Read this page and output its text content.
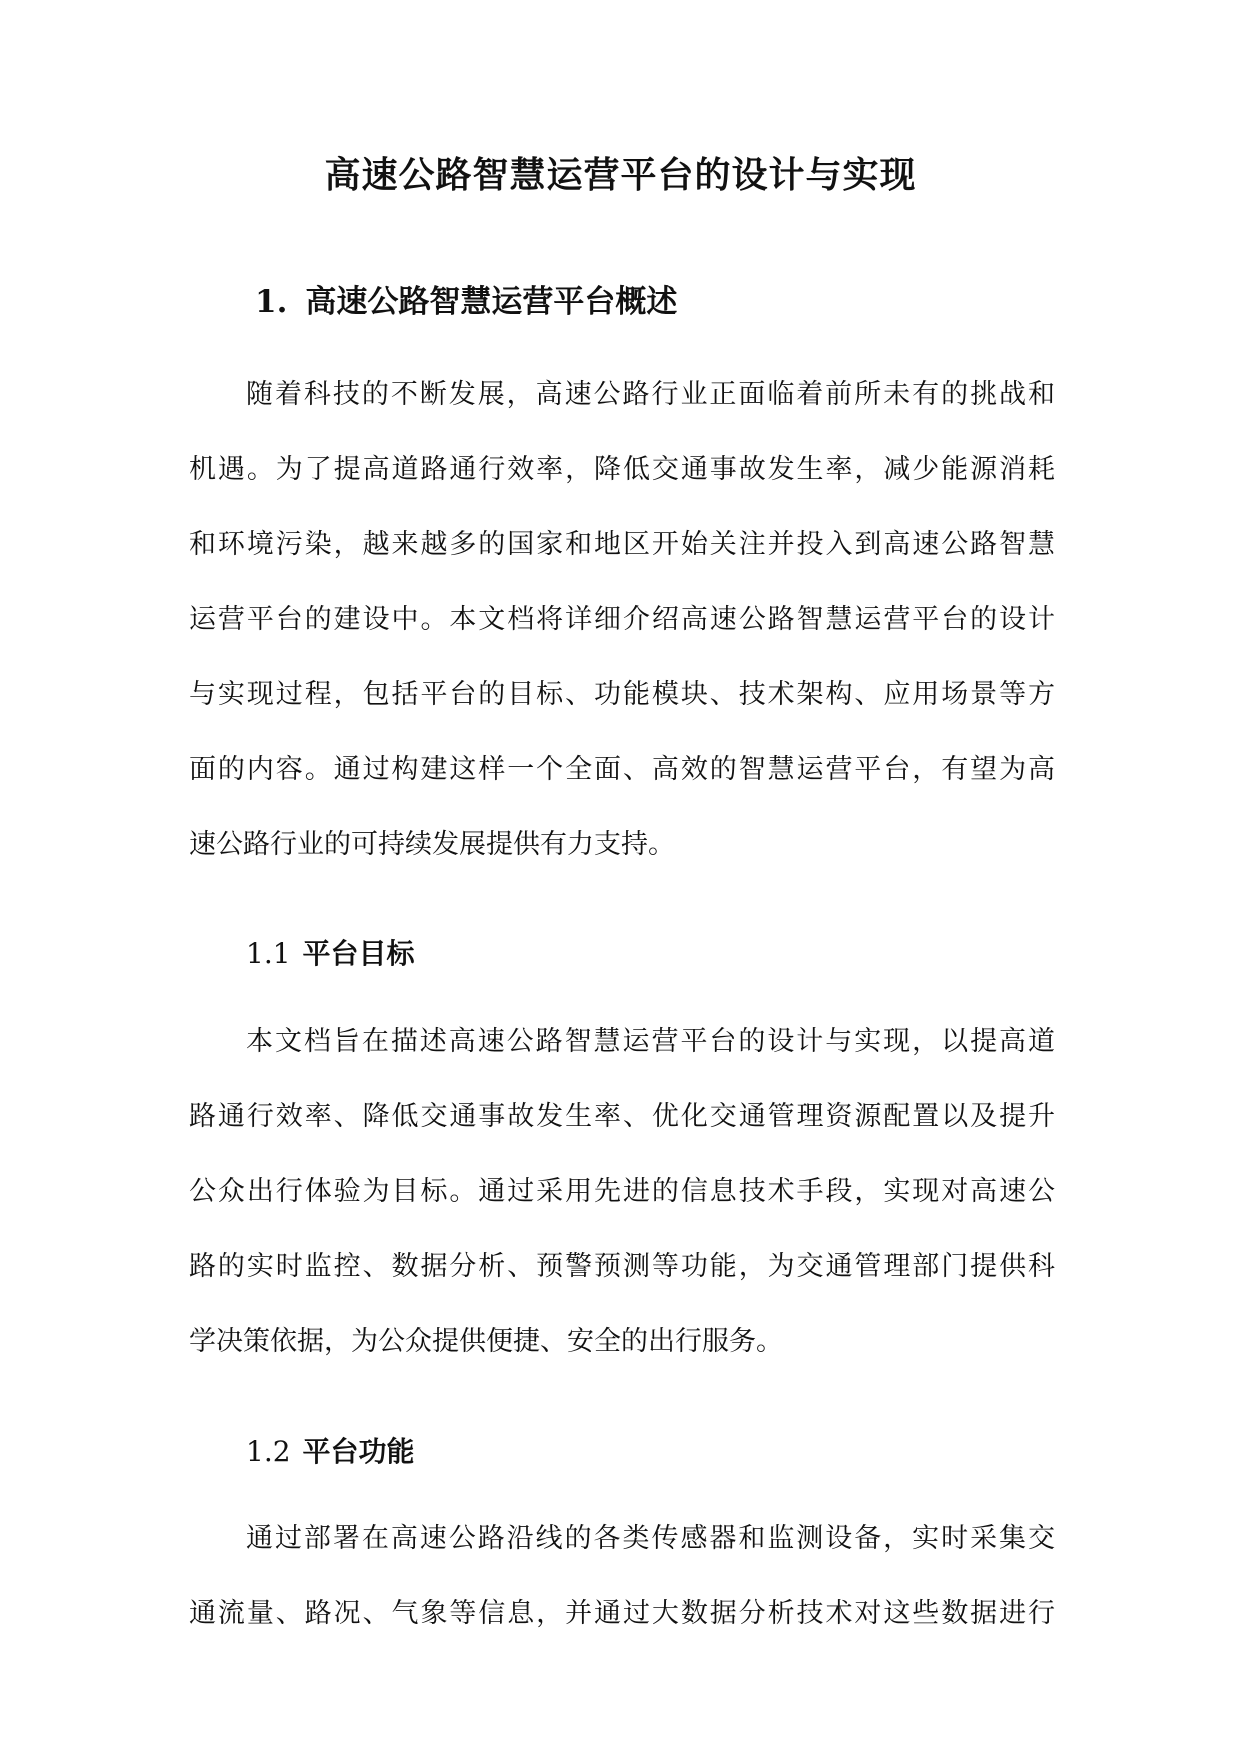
高速公路智慧运营平台的设计与实现
1. 高速公路智慧运营平台概述
随着科技的不断发展，高速公路行业正面临着前所未有的挑战和
机遇。为了提高道路通行效率，降低交通事故发生率，减少能源消耗
和环境污染，越来越多的国家和地区开始关注并投入到高速公路智慧
运营平台的建设中。本文档将详细介绍高速公路智慧运营平台的设计
与实现过程，包括平台的目标、功能模块、技术架构、应用场景等方
面的内容。通过构建这样一个全面、高效的智慧运营平台，有望为高
速公路行业的可持续发展提供有力支持。
1.1 平台目标
本文档旨在描述高速公路智慧运营平台的设计与实现，以提高道
路通行效率、降低交通事故发生率、优化交通管理资源配置以及提升
公众出行体验为目标。通过采用先进的信息技术手段，实现对高速公
路的实时监控、数据分析、预警预测等功能，为交通管理部门提供科
学决策依据，为公众提供便捷、安全的出行服务。
1.2 平台功能
通过部署在高速公路沿线的各类传感器和监测设备，实时采集交
通流量、路况、气象等信息，并通过大数据分析技术对这些数据进行
